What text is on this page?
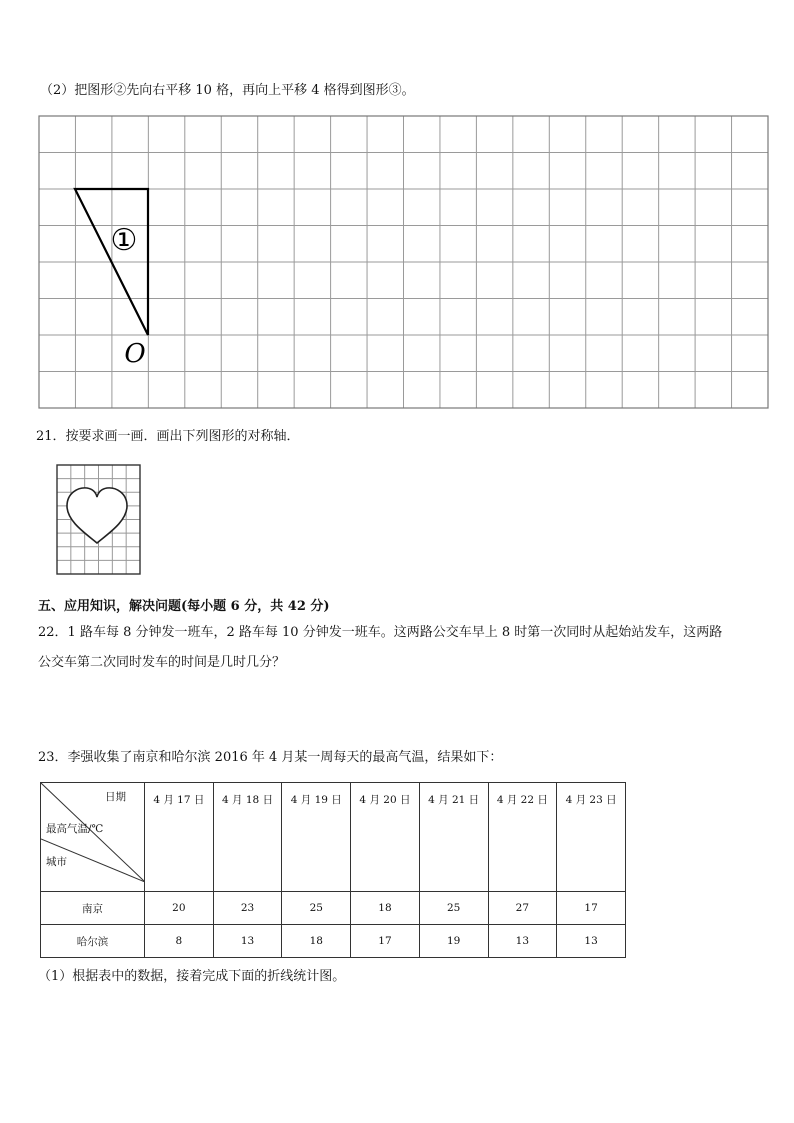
（2）把图形②先向右平移 10 格，再向上平移 4 格得到图形③。
①
O
21．按要求画一画．画出下列图形的对称轴．
五、应用知识，解决问题(每小题 6 分，共 42 分)
22．1 路车每 8 分钟发一班车，2 路车每 10 分钟发一班车。这两路公交车早上 8 时第一次同时从起始站发车，这两路
公交车第二次同时发车的时间是几时几分？
23．李强收集了南京和哈尔滨 2016 年 4 月某一周每天的最高气温，结果如下：
日期
最高气温/℃
城市	4 月 17 日	4 月 18 日	4 月 19 日	4 月 20 日	4 月 21 日	4 月 22 日	4 月 23 日
南京	20	23	25	18	25	27	17
哈尔滨	8	13	18	17	19	13	13
（1）根据表中的数据，接着完成下面的折线统计图。
